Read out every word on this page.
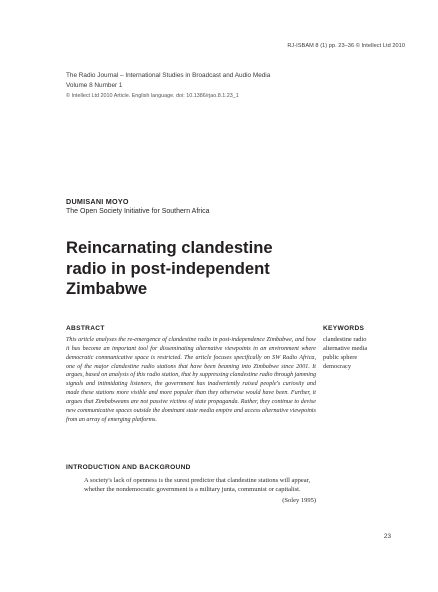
RJ-ISBAM 8 (1) pp. 23–36 © Intellect Ltd 2010
The Radio Journal – International Studies in Broadcast and Audio Media
Volume 8 Number 1
© Intellect Ltd 2010 Article. English language. doi: 10.1386/rjao.8.1.23_1
DUMISANI MOYO
The Open Society Initiative for Southern Africa
Reincarnating clandestine
radio in post-independent
Zimbabwe
ABSTRACT

This article analyses the re-emergence of clandestine radio in post-independence Zimbabwe, and how it has become an important tool for disseminating alternative viewpoints in an environment where democratic communicative space is restricted. The article focuses specifically on SW Radio Africa, one of the major clandestine radio stations that have been beaming into Zimbabwe since 2001. It argues, based on analysis of this radio station, that by suppressing clandestine radio through jamming signals and intimidating listeners, the government has inadvertently raised people's curiosity and made these stations more visible and more popular than they otherwise would have been. Further, it argues that Zimbabweans are not passive victims of state propaganda. Rather, they continue to devise new communicative spaces outside the dominant state media empire and access alternative viewpoints from an array of emerging platforms.

KEYWORDS
clandestine radio
alternative media
public sphere
democracy
INTRODUCTION AND BACKGROUND
A society's lack of openness is the surest predictor that clandestine stations will appear, whether the nondemocratic government is a military junta, communist or capitalist.
(Soley 1995)
23
